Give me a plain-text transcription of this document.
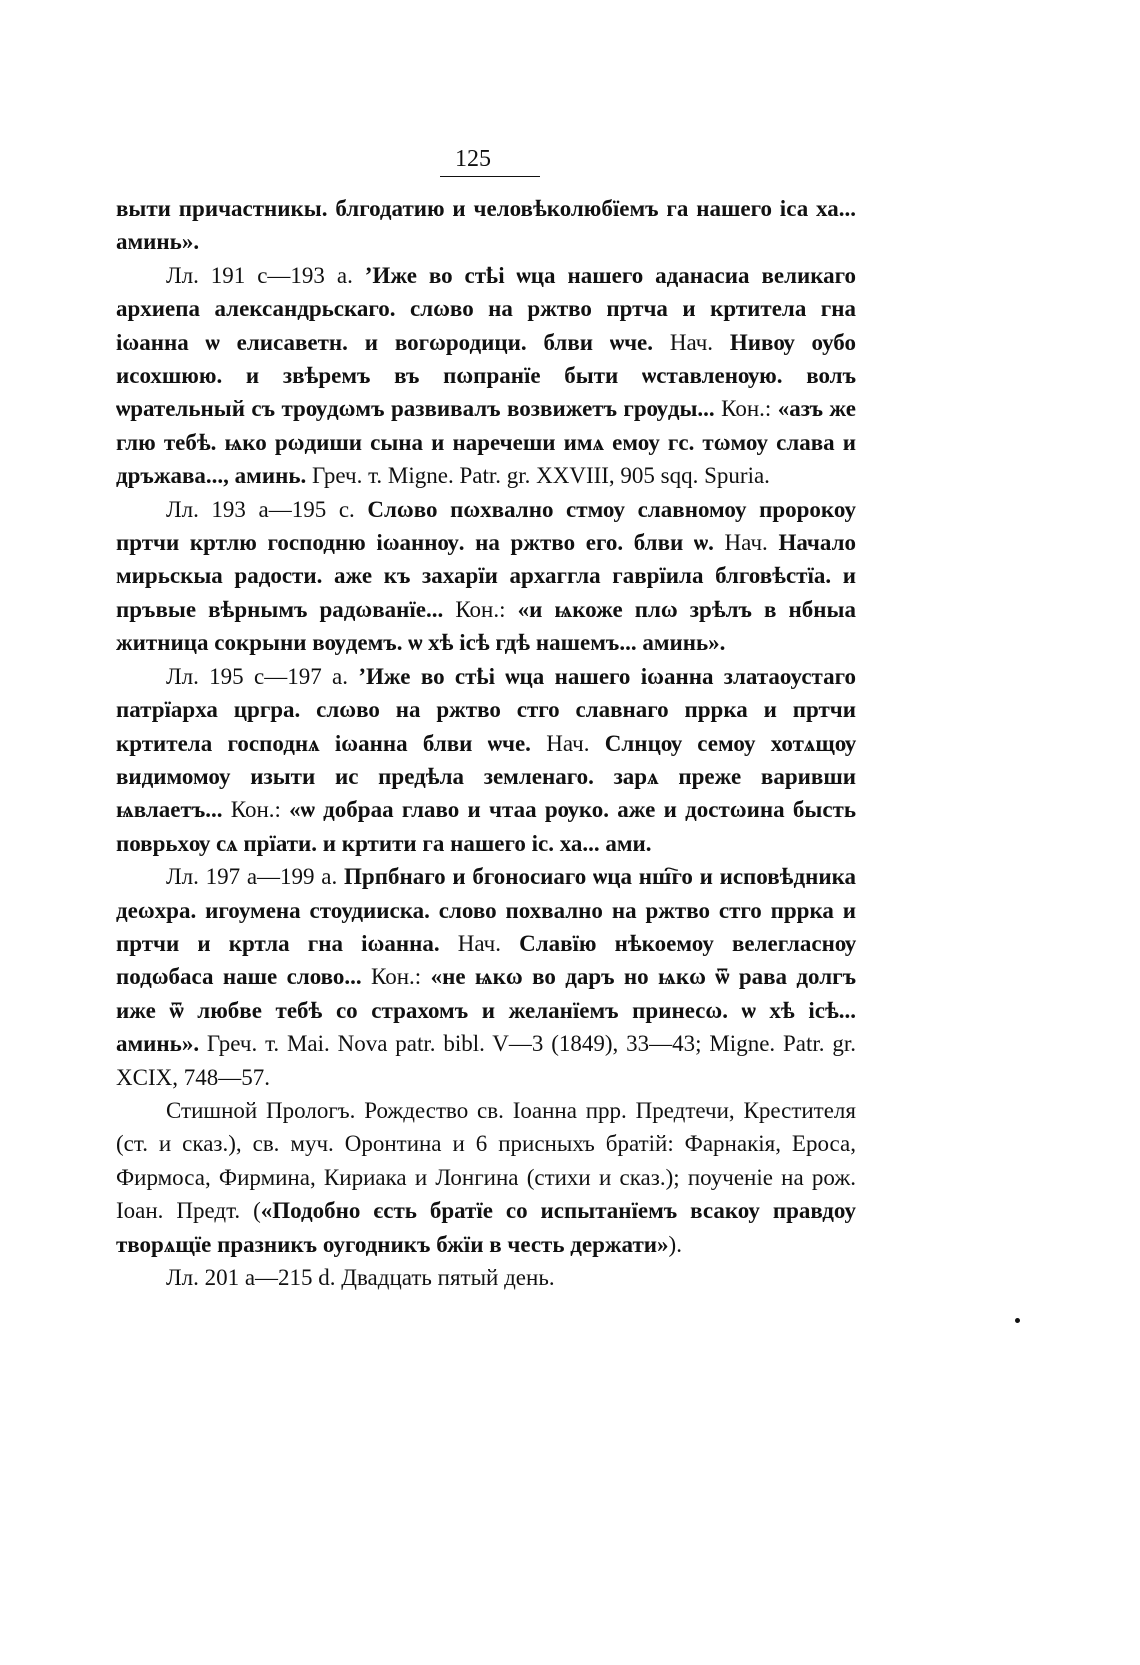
125

выти причастникы. блгодатию и человѣколюбїемъ га нашего іса ха... аминь».

Лл. 191 с—193 а. ’Иже во стҍі ѡца нашего аданасиа великаго архиепа александрьскаго. слωво на ржтво пртча и кртитела гна іωанна ѡ елисаветн. и вогωродици. блви ѡче. Нач. Нивѹ оубо исохшюю. и звѣремъ въ пωпранїе быти ѡставленѹю. волъ ѡрательный съ трѹдωмъ развивалъ возвижетъ грѹды... Кон.: «азъ же глю тебѣ. ѩко рωдиши сына и наречеши имѧ емоу гс. тωмоу слава и дръжава..., аминь. Греч. т. Migne. Patr. gr. XXVIII, 905 sqq. Spuria.

Лл. 193 а—195 с. Слωво пωхвално стмоу славномоу пророкоу пртчи кртлю господню іωаннѹ. на ржтво его. блви ѡ. Нач. Начало мирьскыа радости. аже къ захарїи архаггла гаврїила блговѣстїа. и пръвые вѣрнымъ радωванїе... Кон.: «и ѩкоже плω зрѣлъ в нбныа житница сокрыни вѹдемъ. ѡ хѣ ісѣ гдѣ нашемъ... аминь».

Лл. 195 с—197 а. ’Иже во стҍі ѡца нашего іωанна златаоустаго патрїарха цргра. слωво на ржтво стго славнаго пррка и пртчи кртитела господнѧ іωанна блви ѡче. Нач. Слнцѹ семоу хотѧщѹ видимомоу изыти ис предѣла земленаго. зарѧ преже варивши ѩвлаетъ... Кон.: «ѡ добраа главо и чтаа рѹко. аже и достωина бысть поврьхѹ сѧ прїати. и кртити га нашего іс. ха... ами.

Лл. 197 а—199 а. Прпбнаго и бгоносиаго ѡца нш҇го и исповѣдника деωхра. игоумена стоудииска. слово похвално на ржтво стго пррка и пртчи и кртла гна іωанна. Нач. Славїю нѣкоемоу велегласнѹ подωбаса наше слово... Кон.: «не ѩкω во даръ но ѩкω ѿ рава долгъ иже ѿ любве тебѣ со страхомъ и желанїемъ принесω. ѡ хѣ ісѣ... аминь». Греч. т. Mai. Nova patr. bibl. V—3 (1849), 33—43; Migne. Patr. gr. XCIX, 748—57.

Стишной Прологъ. Рождество св. Іоанна прр. Предтечи, Крестителя (ст. и сказ.), св. муч. Оронтина и 6 присныхъ братій: Фарнакія, Ероса, Фирмоса, Фирмина, Кириака и Лонгина (стихи и сказ.); поученіе на рож. Іоан. Предт. («Подобно єсть братїе со испытанїемъ всакоу правдоу творѧщїе празникъ оугодникъ бжїи в честь держати»).

Лл. 201 а—215 d. Двадцать пятый день.
